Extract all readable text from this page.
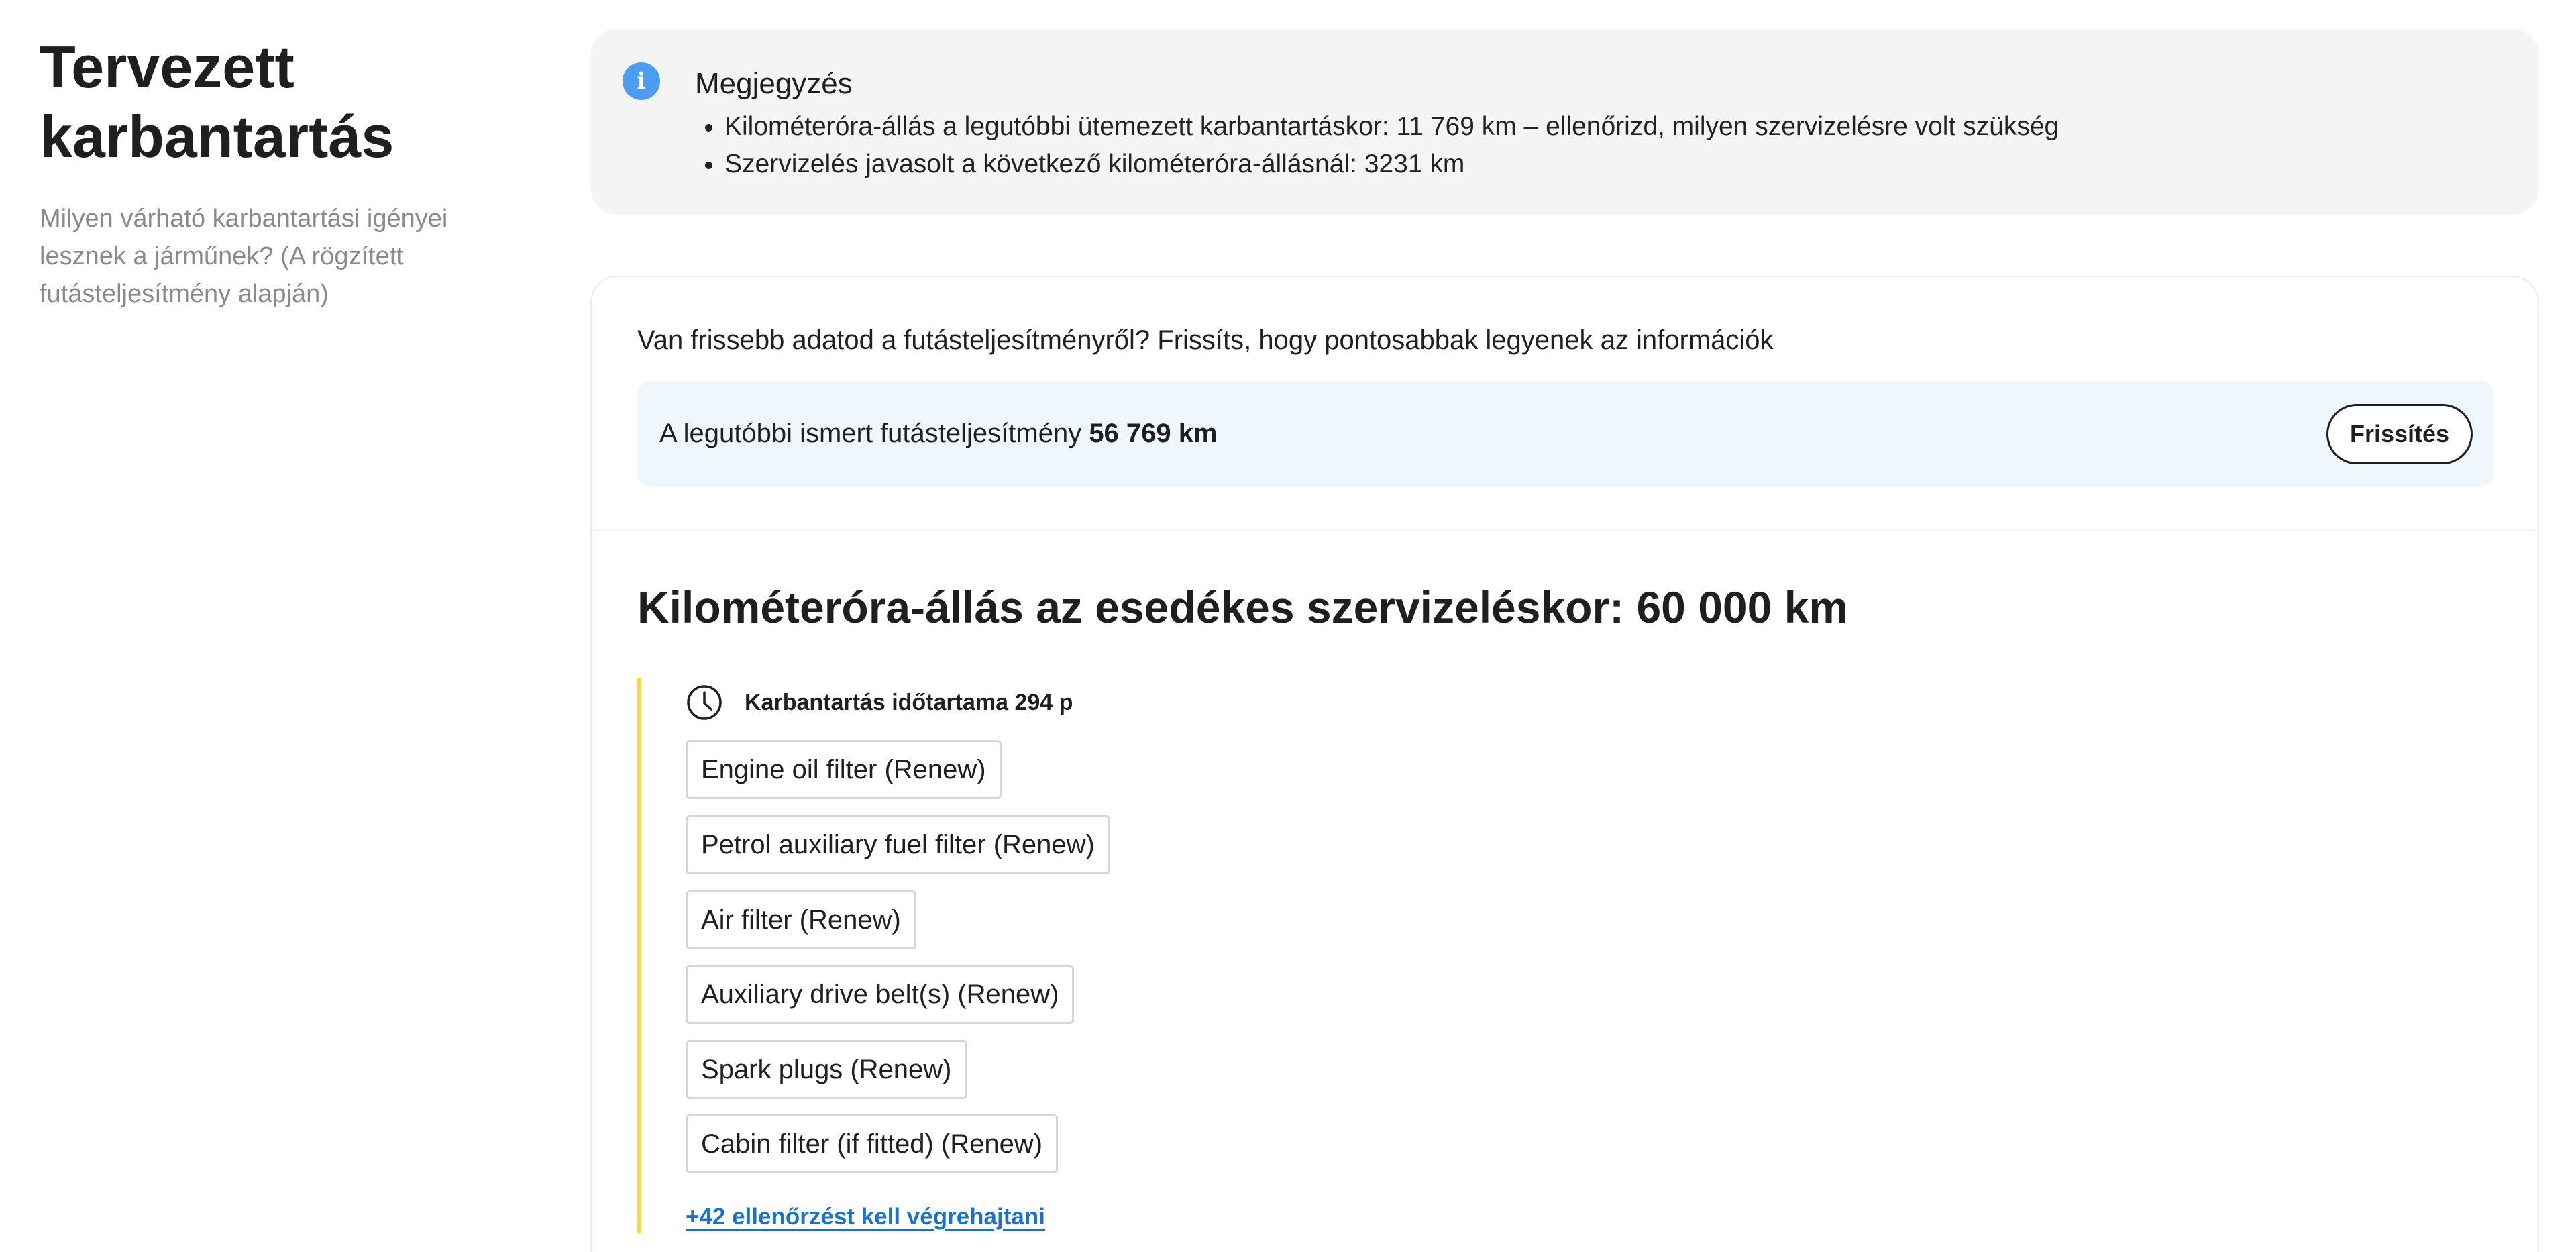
Tervezett karbantartás
Milyen várható karbantartási igényei lesznek a járműnek? (A rögzített futásteljesítmény alapján)
i	Megjegyzés
• Kilométeróra-állás a legutóbbi ütemezett karbantartáskor: 11 769 km – ellenőrizd, milyen szervizelésre volt szükség
• Szervizelés javasolt a következő kilométeróra-állásnál: 3231 km
Van frissebb adatod a futásteljesítményről? Frissíts, hogy pontosabbak legyenek az információk
A legutóbbi ismert futásteljesítmény 56 769 km	Frissítés
Kilométeróra-állás az esedékes szervizeléskor: 60 000 km
Karbantartás időtartama 294 p
Engine oil filter (Renew)
Petrol auxiliary fuel filter (Renew)
Air filter (Renew)
Auxiliary drive belt(s) (Renew)
Spark plugs (Renew)
Cabin filter (if fitted) (Renew)
+42 ellenőrzést kell végrehajtani
